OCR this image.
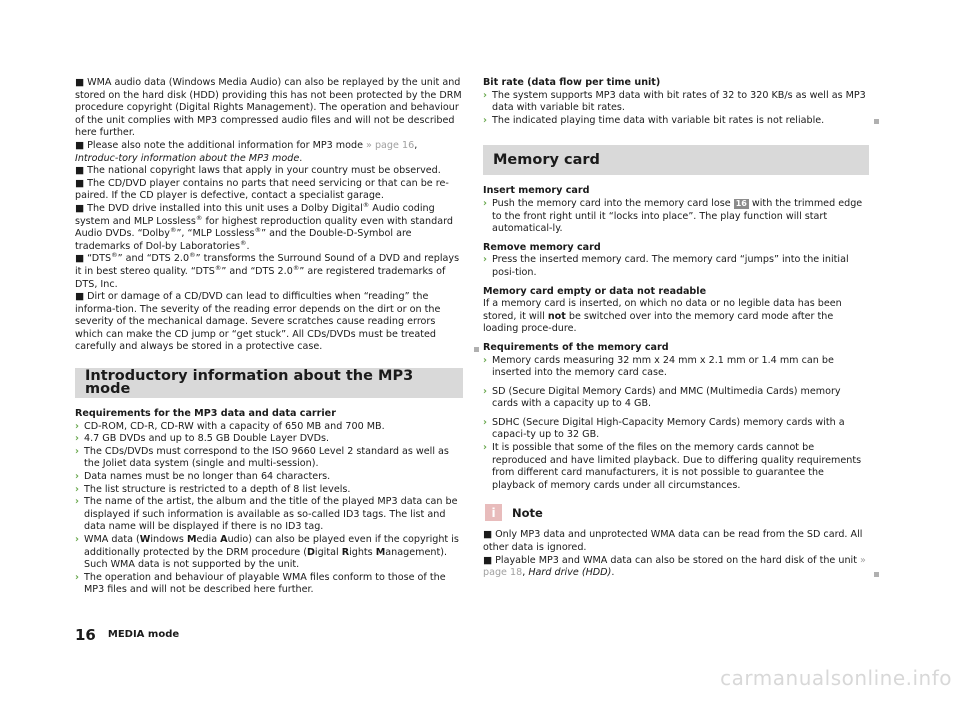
■ WMA audio data (Windows Media Audio) can also be replayed by the unit and stored on the hard disk (HDD) providing this has not been protected by the DRM procedure copyright (Digital Rights Management). The operation and behaviour of the unit complies with MP3 compressed audio files and will not be described here further.

■ Please also note the additional information for MP3 mode » page 16, Introduc-tory information about the MP3 mode.

■ The national copyright laws that apply in your country must be observed.

■ The CD/DVD player contains no parts that need servicing or that can be re-paired. If the CD player is defective, contact a specialist garage.

■ The DVD drive installed into this unit uses a Dolby Digital® Audio coding system and MLP Lossless® for highest reproduction quality even with standard Audio DVDs. “Dolby®”, “MLP Lossless®” and the Double-D-Symbol are trademarks of Dol-by Laboratories®.

■ “DTS®” and “DTS 2.0®” transforms the Surround Sound of a DVD and replays it in best stereo quality. “DTS®” and “DTS 2.0®” are registered trademarks of DTS, Inc.

■ Dirt or damage of a CD/DVD can lead to difficulties when “reading” the informa-tion. The severity of the reading error depends on the dirt or on the severity of the mechanical damage. Severe scratches cause reading errors which can make the CD jump or “get stuck”. All CDs/DVDs must be treated carefully and always be stored in a protective case.

Introductory information about the MP3 mode

Requirements for the MP3 data and data carrier

› CD-ROM, CD-R, CD-RW with a capacity of 650 MB and 700 MB.
› 4.7 GB DVDs and up to 8.5 GB Double Layer DVDs.
› The CDs/DVDs must correspond to the ISO 9660 Level 2 standard as well as the Joliet data system (single and multi-session).
› Data names must be no longer than 64 characters.
› The list structure is restricted to a depth of 8 list levels.
› The name of the artist, the album and the title of the played MP3 data can be displayed if such information is available as so-called ID3 tags. The list and data name will be displayed if there is no ID3 tag.
› WMA data (Windows Media Audio) can also be played even if the copyright is additionally protected by the DRM procedure (Digital Rights Management). Such WMA data is not supported by the unit.
› The operation and behaviour of playable WMA files conform to those of the MP3 files and will not be described here further.

Bit rate (data flow per time unit)

› The system supports MP3 data with bit rates of 32 to 320 KB/s as well as MP3 data with variable bit rates.
› The indicated playing time data with variable bit rates is not reliable.
Memory card

Insert memory card

› Push the memory card into the memory card lose 16 with the trimmed edge to the front right until it “locks into place”. The play function will start automatical-ly.

Remove memory card

› Press the inserted memory card. The memory card “jumps” into the initial posi-tion.

Memory card empty or data not readable

If a memory card is inserted, on which no data or no legible data has been stored, it will not be switched over into the memory card mode after the loading proce-dure.

Requirements of the memory card

› Memory cards measuring 32 mm x 24 mm x 2.1 mm or 1.4 mm can be inserted into the memory card case.
› SD (Secure Digital Memory Cards) and MMC (Multimedia Cards) memory cards with a capacity up to 4 GB.
› SDHC (Secure Digital High-Capacity Memory Cards) memory cards with a capaci-ty up to 32 GB.
› It is possible that some of the files on the memory cards cannot be reproduced and have limited playback. Due to differing quality requirements from different card manufacturers, it is not possible to guarantee the playback of memory cards under all circumstances.
i	Note

■ Only MP3 data and unprotected WMA data can be read from the SD card. All other data is ignored.

■ Playable MP3 and WMA data can also be stored on the hard disk of the unit » page 18, Hard drive (HDD).

16 MEDIA mode
carmanualsonline.info
